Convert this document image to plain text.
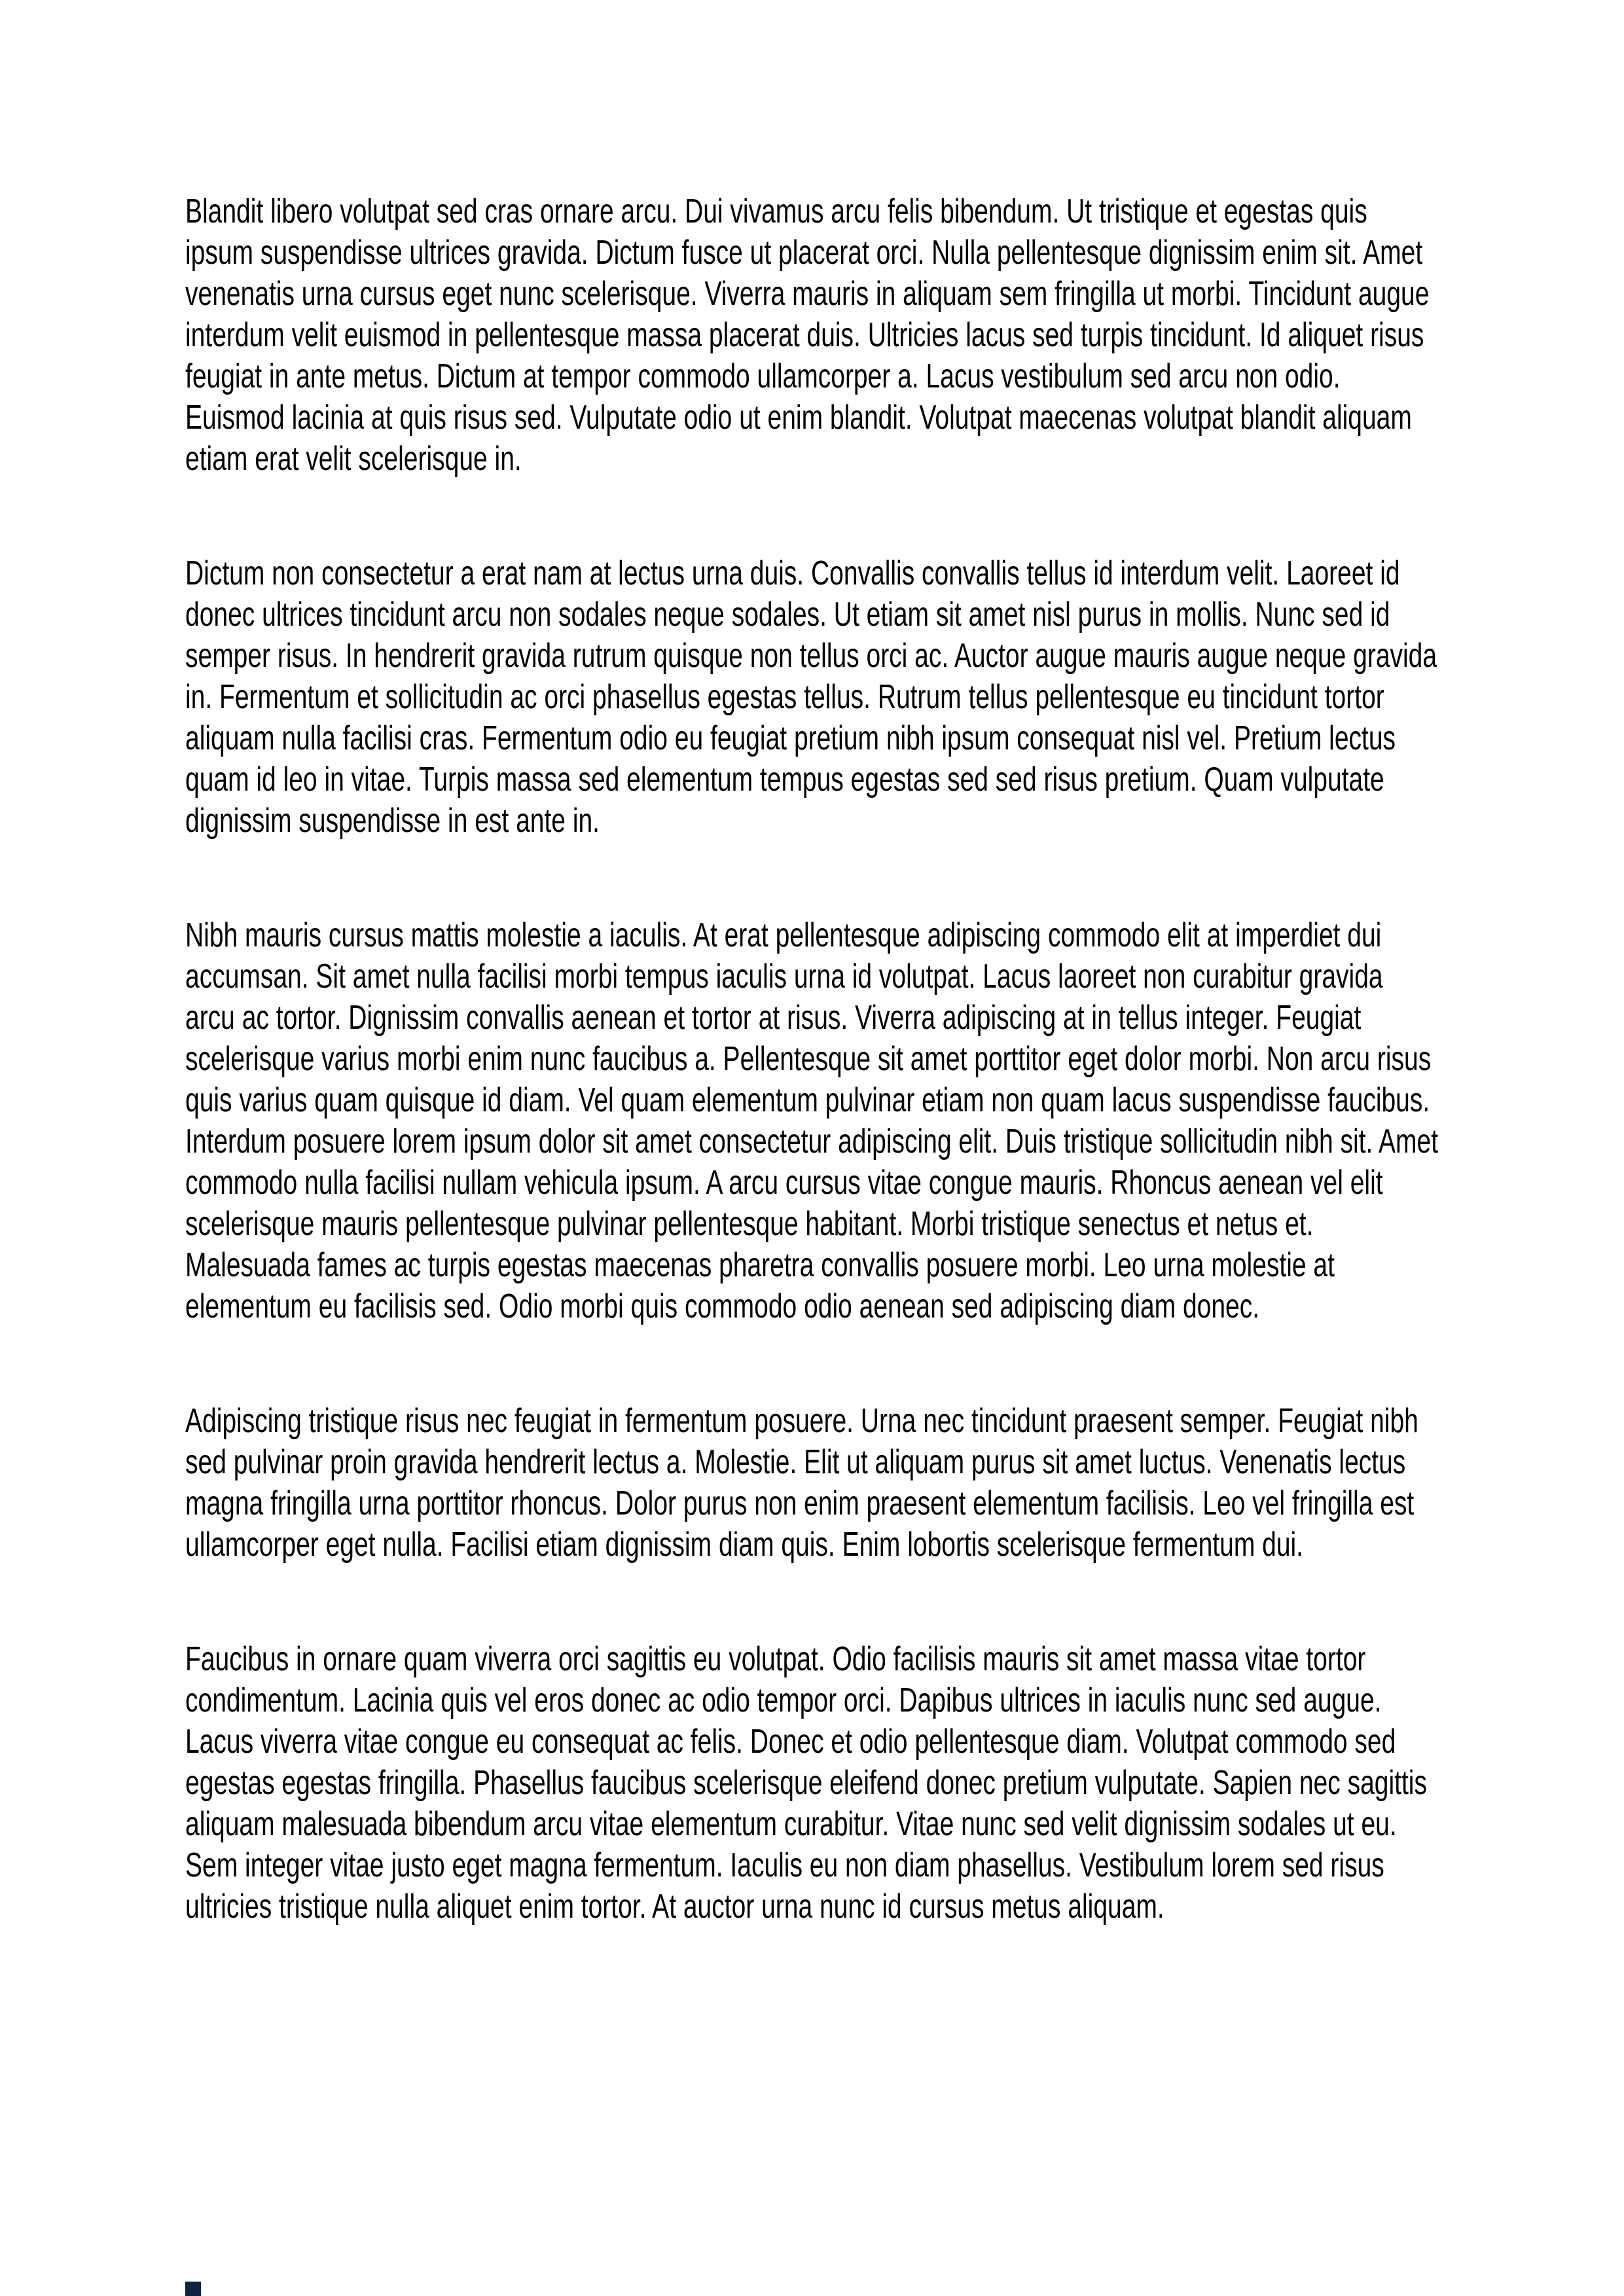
Blandit libero volutpat sed cras ornare arcu. Dui vivamus arcu felis bibendum. Ut tristique et egestas quis ipsum suspendisse ultrices gravida. Dictum fusce ut placerat orci. Nulla pellentesque dignissim enim sit. Amet venenatis urna cursus eget nunc scelerisque. Viverra mauris in aliquam sem fringilla ut morbi. Tincidunt augue interdum velit euismod in pellentesque massa placerat duis. Ultricies lacus sed turpis tincidunt. Id aliquet risus feugiat in ante metus. Dictum at tempor commodo ullamcorper a. Lacus vestibulum sed arcu non odio. Euismod lacinia at quis risus sed. Vulputate odio ut enim blandit. Volutpat maecenas volutpat blandit aliquam etiam erat velit scelerisque in.

Dictum non consectetur a erat nam at lectus urna duis. Convallis convallis tellus id interdum velit. Laoreet id donec ultrices tincidunt arcu non sodales neque sodales. Ut etiam sit amet nisl purus in mollis. Nunc sed id semper risus. In hendrerit gravida rutrum quisque non tellus orci ac. Auctor augue mauris augue neque gravida in. Fermentum et sollicitudin ac orci phasellus egestas tellus. Rutrum tellus pellentesque eu tincidunt tortor aliquam nulla facilisi cras. Fermentum odio eu feugiat pretium nibh ipsum consequat nisl vel. Pretium lectus quam id leo in vitae. Turpis massa sed elementum tempus egestas sed sed risus pretium. Quam vulputate dignissim suspendisse in est ante in.

Nibh mauris cursus mattis molestie a iaculis. At erat pellentesque adipiscing commodo elit at imperdiet dui accumsan. Sit amet nulla facilisi morbi tempus iaculis urna id volutpat. Lacus laoreet non curabitur gravida arcu ac tortor. Dignissim convallis aenean et tortor at risus. Viverra adipiscing at in tellus integer. Feugiat scelerisque varius morbi enim nunc faucibus a. Pellentesque sit amet porttitor eget dolor morbi. Non arcu risus quis varius quam quisque id diam. Vel quam elementum pulvinar etiam non quam lacus suspendisse faucibus. Interdum posuere lorem ipsum dolor sit amet consectetur adipiscing elit. Duis tristique sollicitudin nibh sit. Amet commodo nulla facilisi nullam vehicula ipsum. A arcu cursus vitae congue mauris. Rhoncus aenean vel elit scelerisque mauris pellentesque pulvinar pellentesque habitant. Morbi tristique senectus et netus et. Malesuada fames ac turpis egestas maecenas pharetra convallis posuere morbi. Leo urna molestie at elementum eu facilisis sed. Odio morbi quis commodo odio aenean sed adipiscing diam donec.

Adipiscing tristique risus nec feugiat in fermentum posuere. Urna nec tincidunt praesent semper. Feugiat nibh sed pulvinar proin gravida hendrerit lectus a. Molestie. Elit ut aliquam purus sit amet luctus. Venenatis lectus magna fringilla urna porttitor rhoncus. Dolor purus non enim praesent elementum facilisis. Leo vel fringilla est ullamcorper eget nulla. Facilisi etiam dignissim diam quis. Enim lobortis scelerisque fermentum dui.

Faucibus in ornare quam viverra orci sagittis eu volutpat. Odio facilisis mauris sit amet massa vitae tortor condimentum. Lacinia quis vel eros donec ac odio tempor orci. Dapibus ultrices in iaculis nunc sed augue. Lacus viverra vitae congue eu consequat ac felis. Donec et odio pellentesque diam. Volutpat commodo sed egestas egestas fringilla. Phasellus faucibus scelerisque eleifend donec pretium vulputate. Sapien nec sagittis aliquam malesuada bibendum arcu vitae elementum curabitur. Vitae nunc sed velit dignissim sodales ut eu. Sem integer vitae justo eget magna fermentum. Iaculis eu non diam phasellus. Vestibulum lorem sed risus ultricies tristique nulla aliquet enim tortor. At auctor urna nunc id cursus metus aliquam.
